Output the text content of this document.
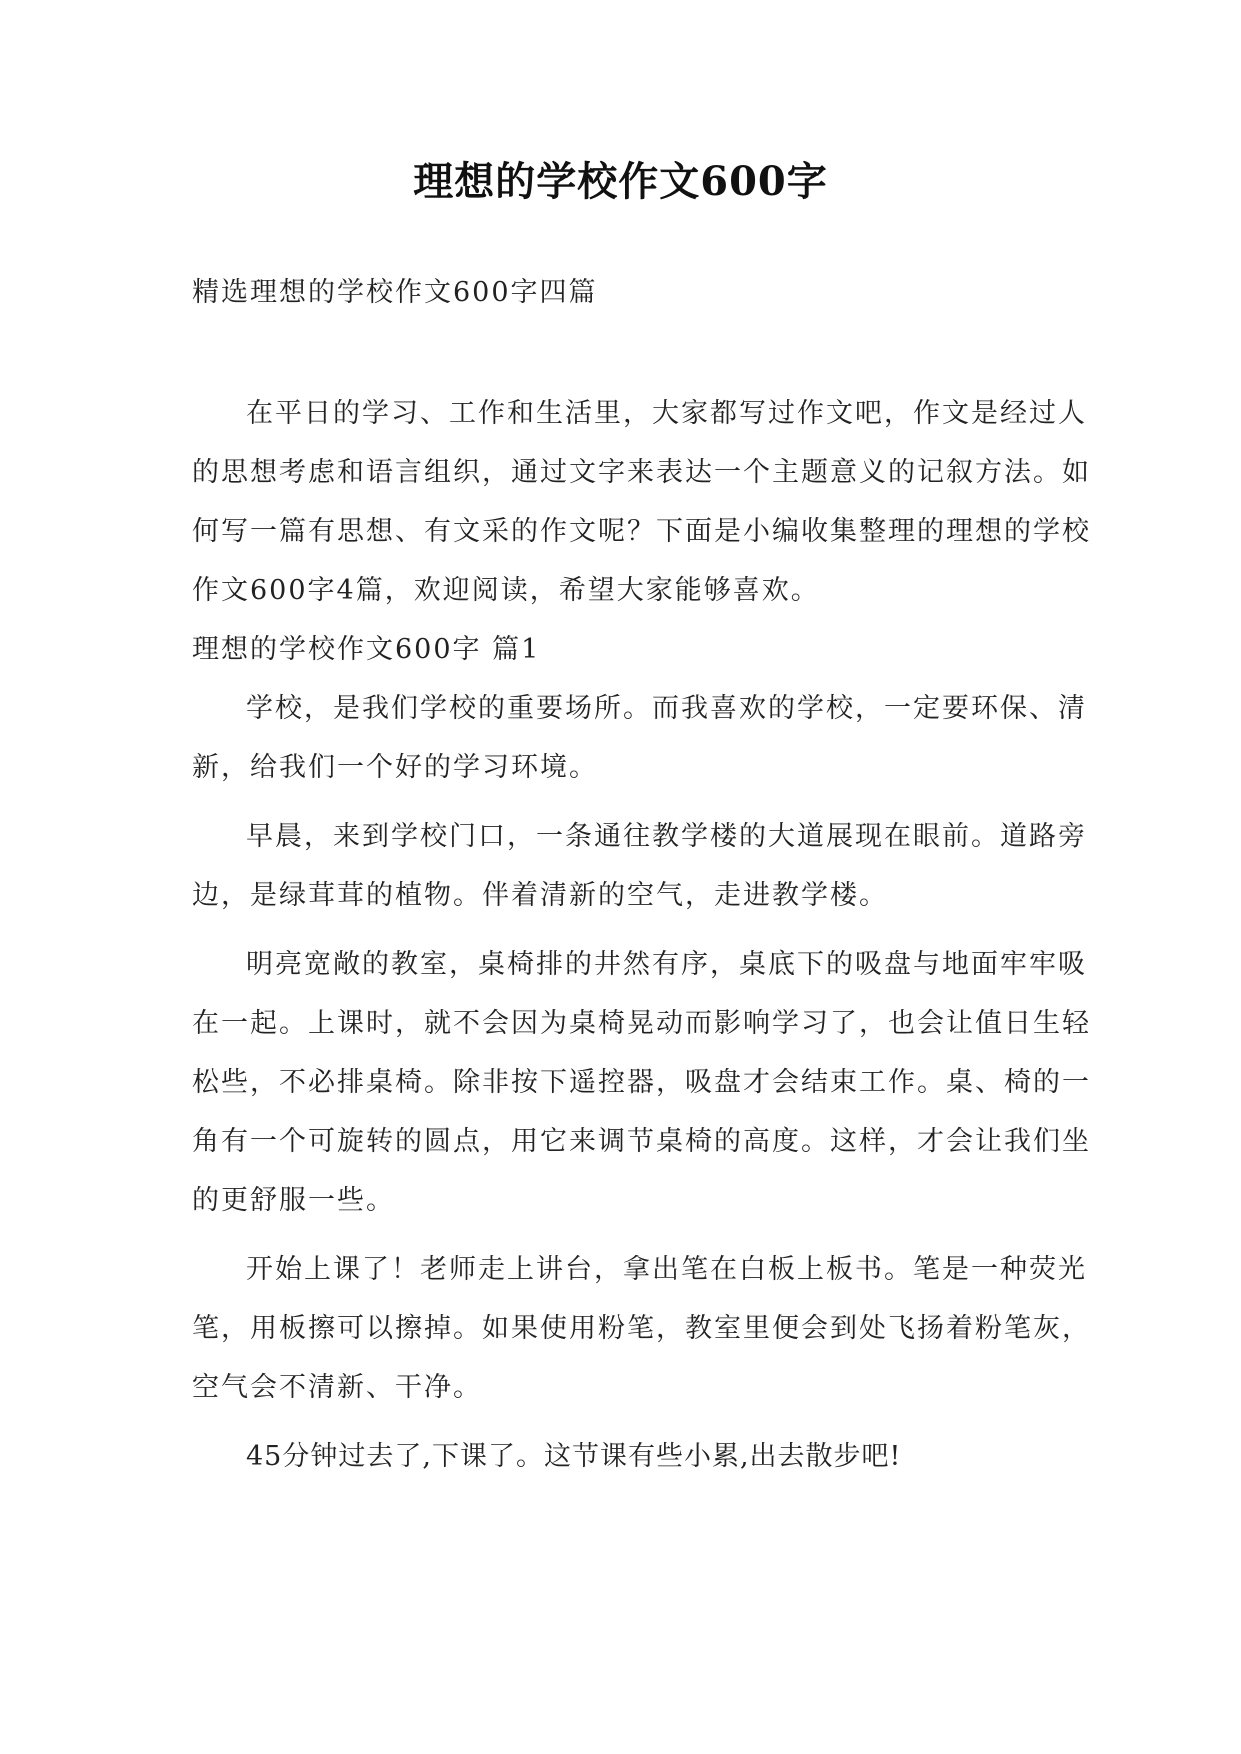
理想的学校作文600字

精选理想的学校作文600字四篇

在平日的学习、工作和生活里，大家都写过作文吧，作文是经过人的思想考虑和语言组织，通过文字来表达一个主题意义的记叙方法。如何写一篇有思想、有文采的作文呢？下面是小编收集整理的理想的学校作文600字4篇，欢迎阅读，希望大家能够喜欢。

理想的学校作文600字 篇1

学校，是我们学校的重要场所。而我喜欢的学校，一定要环保、清新，给我们一个好的学习环境。

早晨，来到学校门口，一条通往教学楼的大道展现在眼前。道路旁边，是绿茸茸的植物。伴着清新的空气，走进教学楼。

明亮宽敞的教室，桌椅排的井然有序，桌底下的吸盘与地面牢牢吸在一起。上课时，就不会因为桌椅晃动而影响学习了，也会让值日生轻松些，不必排桌椅。除非按下遥控器，吸盘才会结束工作。桌、椅的一角有一个可旋转的圆点，用它来调节桌椅的高度。这样，才会让我们坐的更舒服一些。

开始上课了！老师走上讲台，拿出笔在白板上板书。笔是一种荧光笔，用板擦可以擦掉。如果使用粉笔，教室里便会到处飞扬着粉笔灰，空气会不清新、干净。

45分钟过去了,下课了。这节课有些小累,出去散步吧!
